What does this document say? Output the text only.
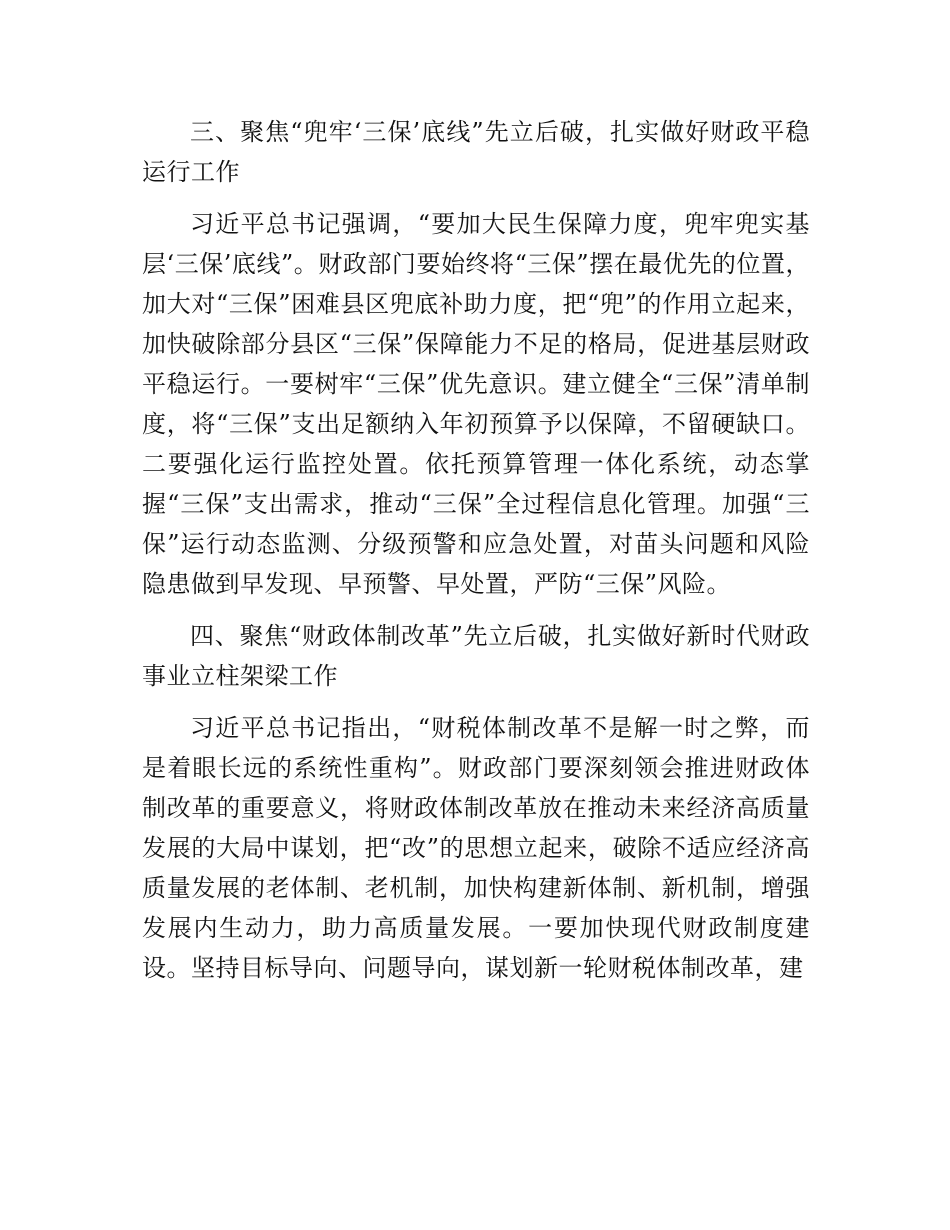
三、聚焦“兜牢‘三保’底线”先立后破，扎实做好财政平稳运行工作

习近平总书记强调，“要加大民生保障力度，兜牢兜实基层‘三保’底线”。财政部门要始终将“三保”摆在最优先的位置，加大对“三保”困难县区兜底补助力度，把“兜”的作用立起来，加快破除部分县区“三保”保障能力不足的格局，促进基层财政平稳运行。一要树牢“三保”优先意识。建立健全“三保”清单制度，将“三保”支出足额纳入年初预算予以保障，不留硬缺口。二要强化运行监控处置。依托预算管理一体化系统，动态掌握“三保”支出需求，推动“三保”全过程信息化管理。加强“三保”运行动态监测、分级预警和应急处置，对苗头问题和风险隐患做到早发现、早预警、早处置，严防“三保”风险。

四、聚焦“财政体制改革”先立后破，扎实做好新时代财政事业立柱架梁工作

习近平总书记指出，“财税体制改革不是解一时之弊，而是着眼长远的系统性重构”。财政部门要深刻领会推进财政体制改革的重要意义，将财政体制改革放在推动未来经济高质量发展的大局中谋划，把“改”的思想立起来，破除不适应经济高质量发展的老体制、老机制，加快构建新体制、新机制，增强发展内生动力，助力高质量发展。一要加快现代财政制度建设。坚持目标导向、问题导向，谋划新一轮财税体制改革，建
